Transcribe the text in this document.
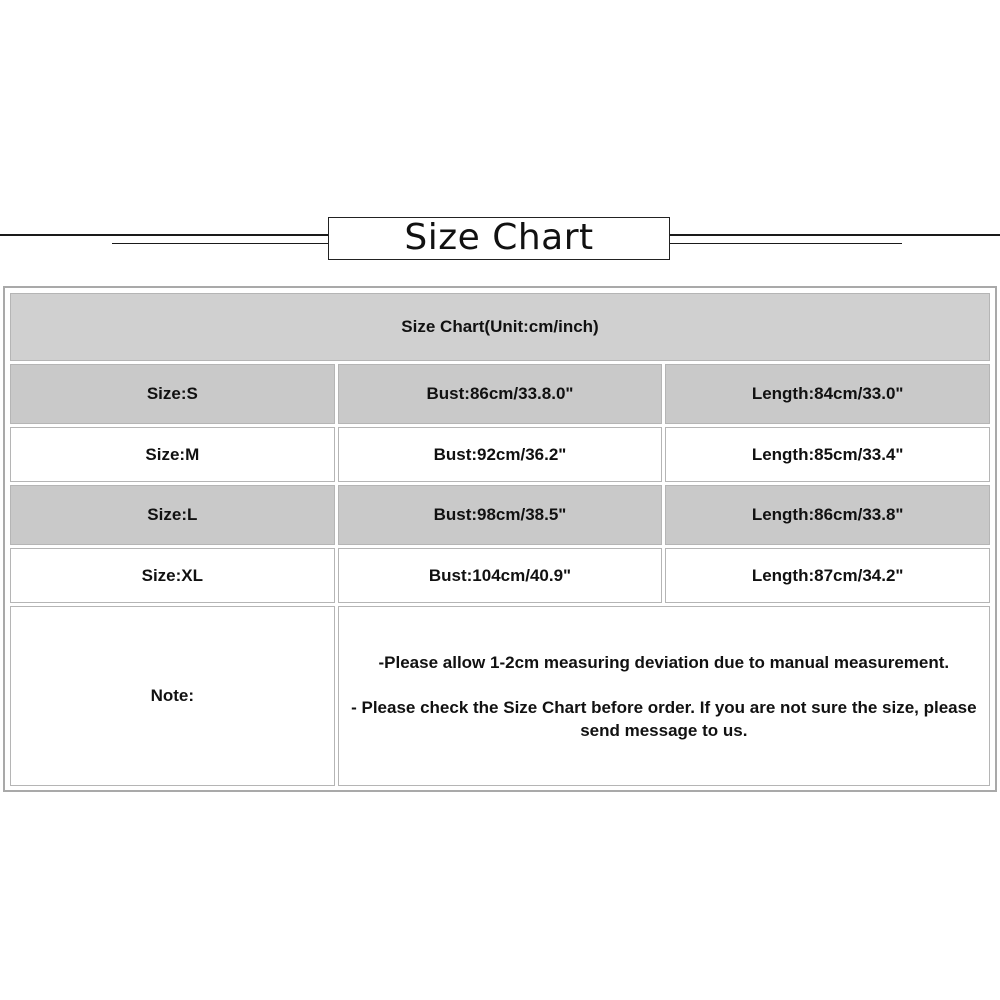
Size Chart
Size Chart(Unit:cm/inch)		
Size:S	Bust:86cm/33.8.0"	Length:84cm/33.0"
Size:M	Bust:92cm/36.2"	Length:85cm/33.4"
Size:L	Bust:98cm/38.5"	Length:86cm/33.8"
Size:XL	Bust:104cm/40.9"	Length:87cm/34.2"
Note:	-Please allow 1-2cm measuring deviation due to manual measurement.

- Please check the Size Chart before order. If you are not sure the size, please send message to us.	
